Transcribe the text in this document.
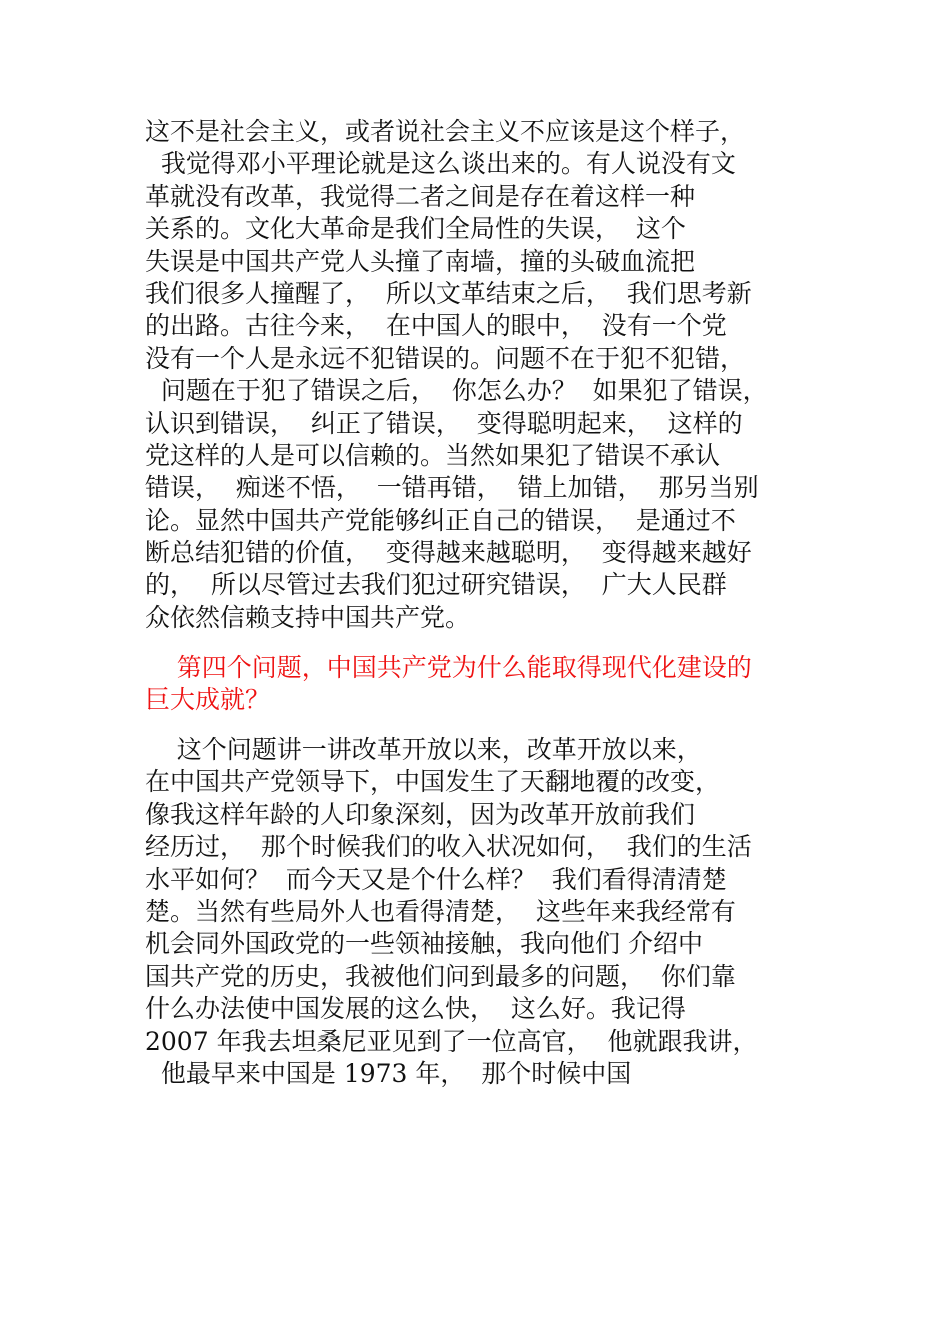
这不是社会主义，或者说社会主义不应该是这个样子，
我觉得邓小平理论就是这么谈出来的。有人说没有文
革就没有改革，我觉得二者之间是存在着这样一种
关系的。文化大革命是我们全局性的失误，  这个
失误是中国共产党人头撞了南墙，撞的头破血流把
我们很多人撞醒了，  所以文革结束之后，  我们思考新
的出路。古往今来，  在中国人的眼中，  没有一个党
没有一个人是永远不犯错误的。问题不在于犯不犯错，
问题在于犯了错误之后，  你怎么办？  如果犯了错误，
认识到错误，  纠正了错误，  变得聪明起来，  这样的
党这样的人是可以信赖的。当然如果犯了错误不承认
错误，  痴迷不悟，  一错再错，  错上加错，  那另当别
论。显然中国共产党能够纠正自己的错误，  是通过不
断总结犯错的价值，  变得越来越聪明，  变得越来越好
的，  所以尽管过去我们犯过研究错误，  广大人民群
众依然信赖支持中国共产党。
第四个问题，中国共产党为什么能取得现代化建设的
巨大成就？
这个问题讲一讲改革开放以来，改革开放以来，
在中国共产党领导下，中国发生了天翻地覆的改变，
像我这样年龄的人印象深刻，因为改革开放前我们
经历过，  那个时候我们的收入状况如何，  我们的生活
水平如何？  而今天又是个什么样？  我们看得清清楚
楚。当然有些局外人也看得清楚，  这些年来我经常有
机会同外国政党的一些领袖接触，我向他们 介绍中
国共产党的历史，我被他们问到最多的问题，  你们靠
什么办法使中国发展的这么快，  这么好。我记得
2007 年我去坦桑尼亚见到了一位高官，  他就跟我讲，
他最早来中国是 1973 年，  那个时候中国
